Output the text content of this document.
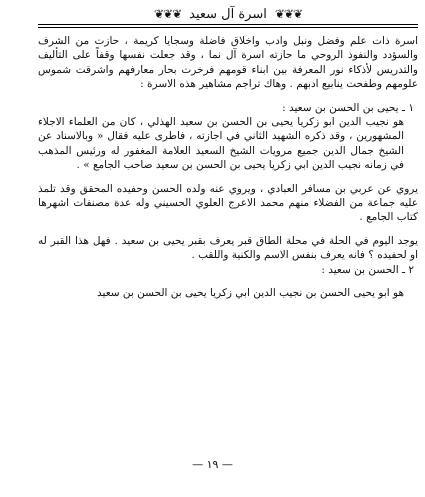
❦❦❦ اسرة آل سعيد ❦❦❦

اسرة ذات علم وفضل ونبل وادب واخلاق فاضلة وسجايا كريمة ، حازت من الشرف والسؤدد والنفوذ الروحي ما حازته اسرة آل نما ، وقد جعلت نفسها وقفاً على التأليف والتدريس لأذكاء نور المعرفة بين ابناء قومهم فرخرت بحار معارفهم واشرقت شموس علومهم وطفحت ينابيع ادبهم . وهاك تراجم مشاهير هذه الاسرة :

١ ـ يحيى بن الحسن بن سعيد :

هو نجيب الدين ابو زكريا يحيى بن الحسن بن سعيد الهذلي ، كان من العلماء الاجلاء المشهورين ، وقد ذكره الشهيد الثاني في اجازته ، فاطرى عليه فقال « وبالاسناد عن الشيخ جمال الدين جميع مرويات الشيخ السعيد العلامة المغفور له ورئيس المذهب في زمانه نجيب الدين ابي زكريا يحيى بن الحسن بن سعيد صاحب الجامع » .

يروي عن عربي بن مسافر العبادي ، ويروي عنه ولده الحسن وحفيده المحقق وقد تلمذ عليه جماعة من الفضلاء منهم محمد الاعرج العلوي الحسيني وله عدة مصنفات اشهرها كتاب الجامع .

يوجد اليوم في الحلة في محلة الطاق قبر يعرف بقبر يحيى بن سعيد . فهل هذا القبر له او لحفيده ؟ فانه يعرف بنفس الاسم والكنية واللقب .

٢ ـ الحسن بن سعيد :

هو ابو يحيى الحسن بن نجيب الدين ابي زكريا يحيى بن الحسن بن سعيد

— ١٩ —
